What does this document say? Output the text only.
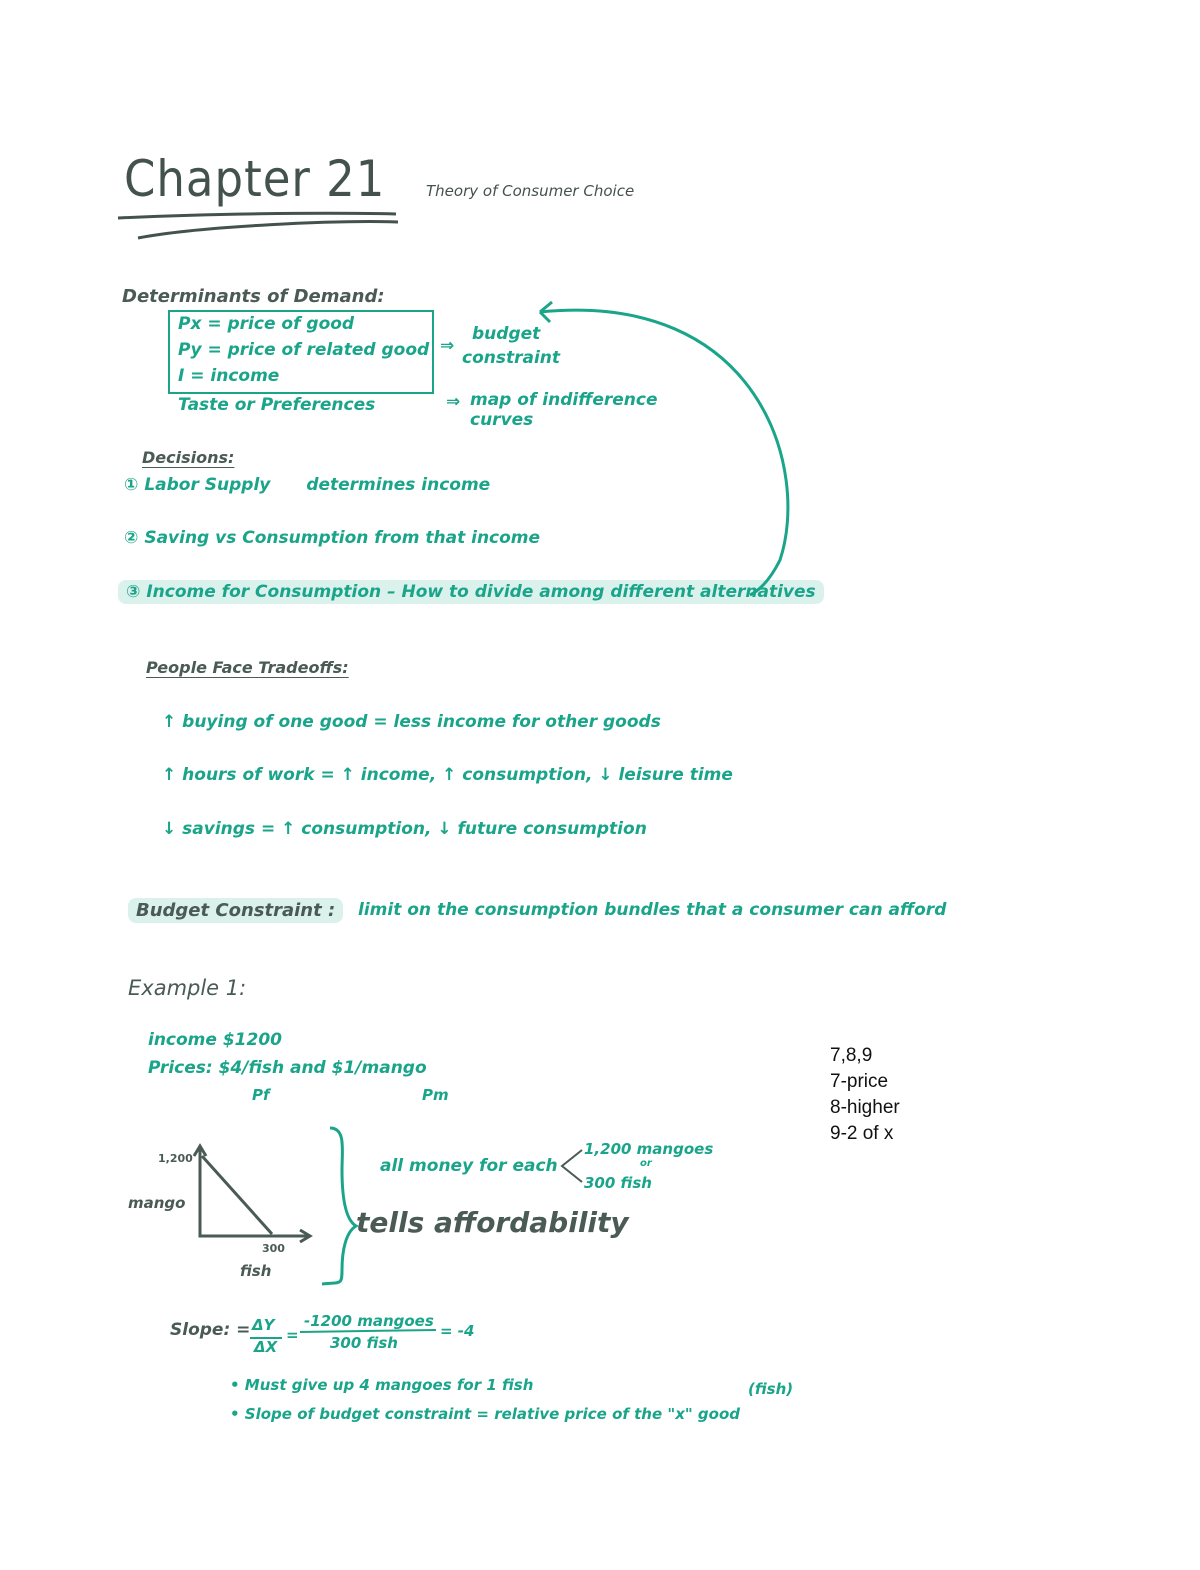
Chapter 21	Theory of Consumer Choice
Determinants of Demand:
Px = price of good
Py = price of related good
I = income
Taste or Preferences
⇒
budget
constraint
⇒ map of indifference
curves
Decisions:
① Labor Supply determines income
② Saving vs Consumption from that income
③ Income for Consumption – How to divide among different alternatives
People Face Tradeoffs:
↑ buying of one good = less income for other goods
↑ hours of work = ↑ income, ↑ consumption, ↓ leisure time
↓ savings = ↑ consumption, ↓ future consumption
Budget Constraint :	limit on the consumption bundles that a consumer can afford
Example 1:
income $1200
Prices: $4/fish and $1/mango
Pf	Pm
1,200
mango
300
fish
all money for each
1,200 mangoes
or
300 fish
tells affordability
Slope: = ΔY
ΔX
=
-1200 mangoes
300 fish
= -4
• Must give up 4 mangoes for 1 fish	(fish)
• Slope of budget constraint = relative price of the "x" good
7,8,9
7-price
8-higher
9-2 of x
